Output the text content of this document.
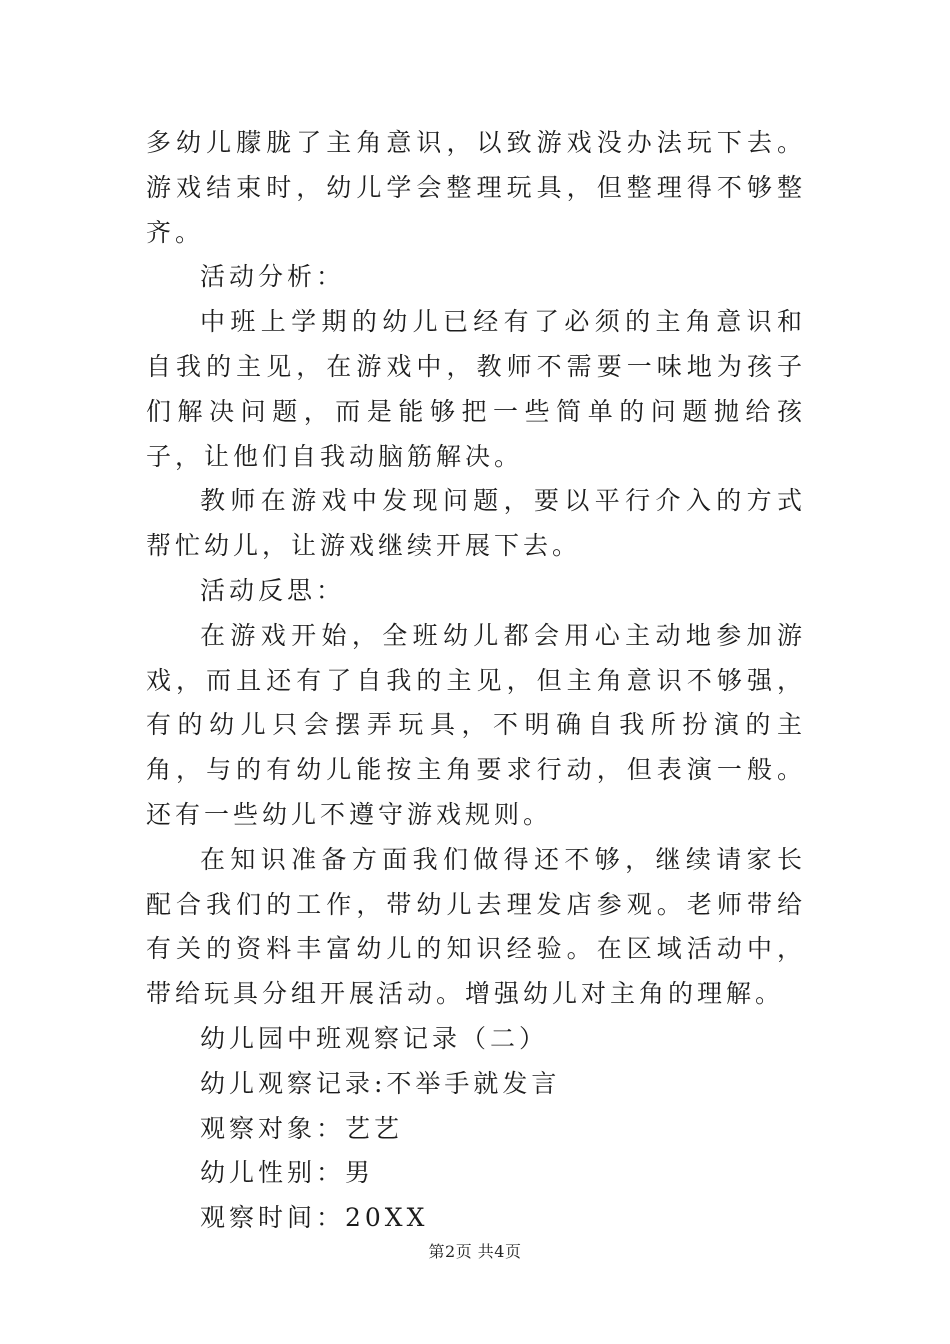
多幼儿朦胧了主角意识，以致游戏没办法玩下去。游戏结束时，幼儿学会整理玩具，但整理得不够整齐。

活动分析：

中班上学期的幼儿已经有了必须的主角意识和自我的主见，在游戏中，教师不需要一味地为孩子们解决问题，而是能够把一些简单的问题抛给孩子，让他们自我动脑筋解决。

教师在游戏中发现问题，要以平行介入的方式帮忙幼儿，让游戏继续开展下去。

活动反思：

在游戏开始，全班幼儿都会用心主动地参加游戏，而且还有了自我的主见，但主角意识不够强，有的幼儿只会摆弄玩具，不明确自我所扮演的主角，与的有幼儿能按主角要求行动，但表演一般。还有一些幼儿不遵守游戏规则。

在知识准备方面我们做得还不够，继续请家长配合我们的工作，带幼儿去理发店参观。老师带给有关的资料丰富幼儿的知识经验。在区域活动中，带给玩具分组开展活动。增强幼儿对主角的理解。

幼儿园中班观察记录（二）

幼儿观察记录:不举手就发言

观察对象：艺艺

幼儿性别：男

观察时间：20XX

第2页 共4页
